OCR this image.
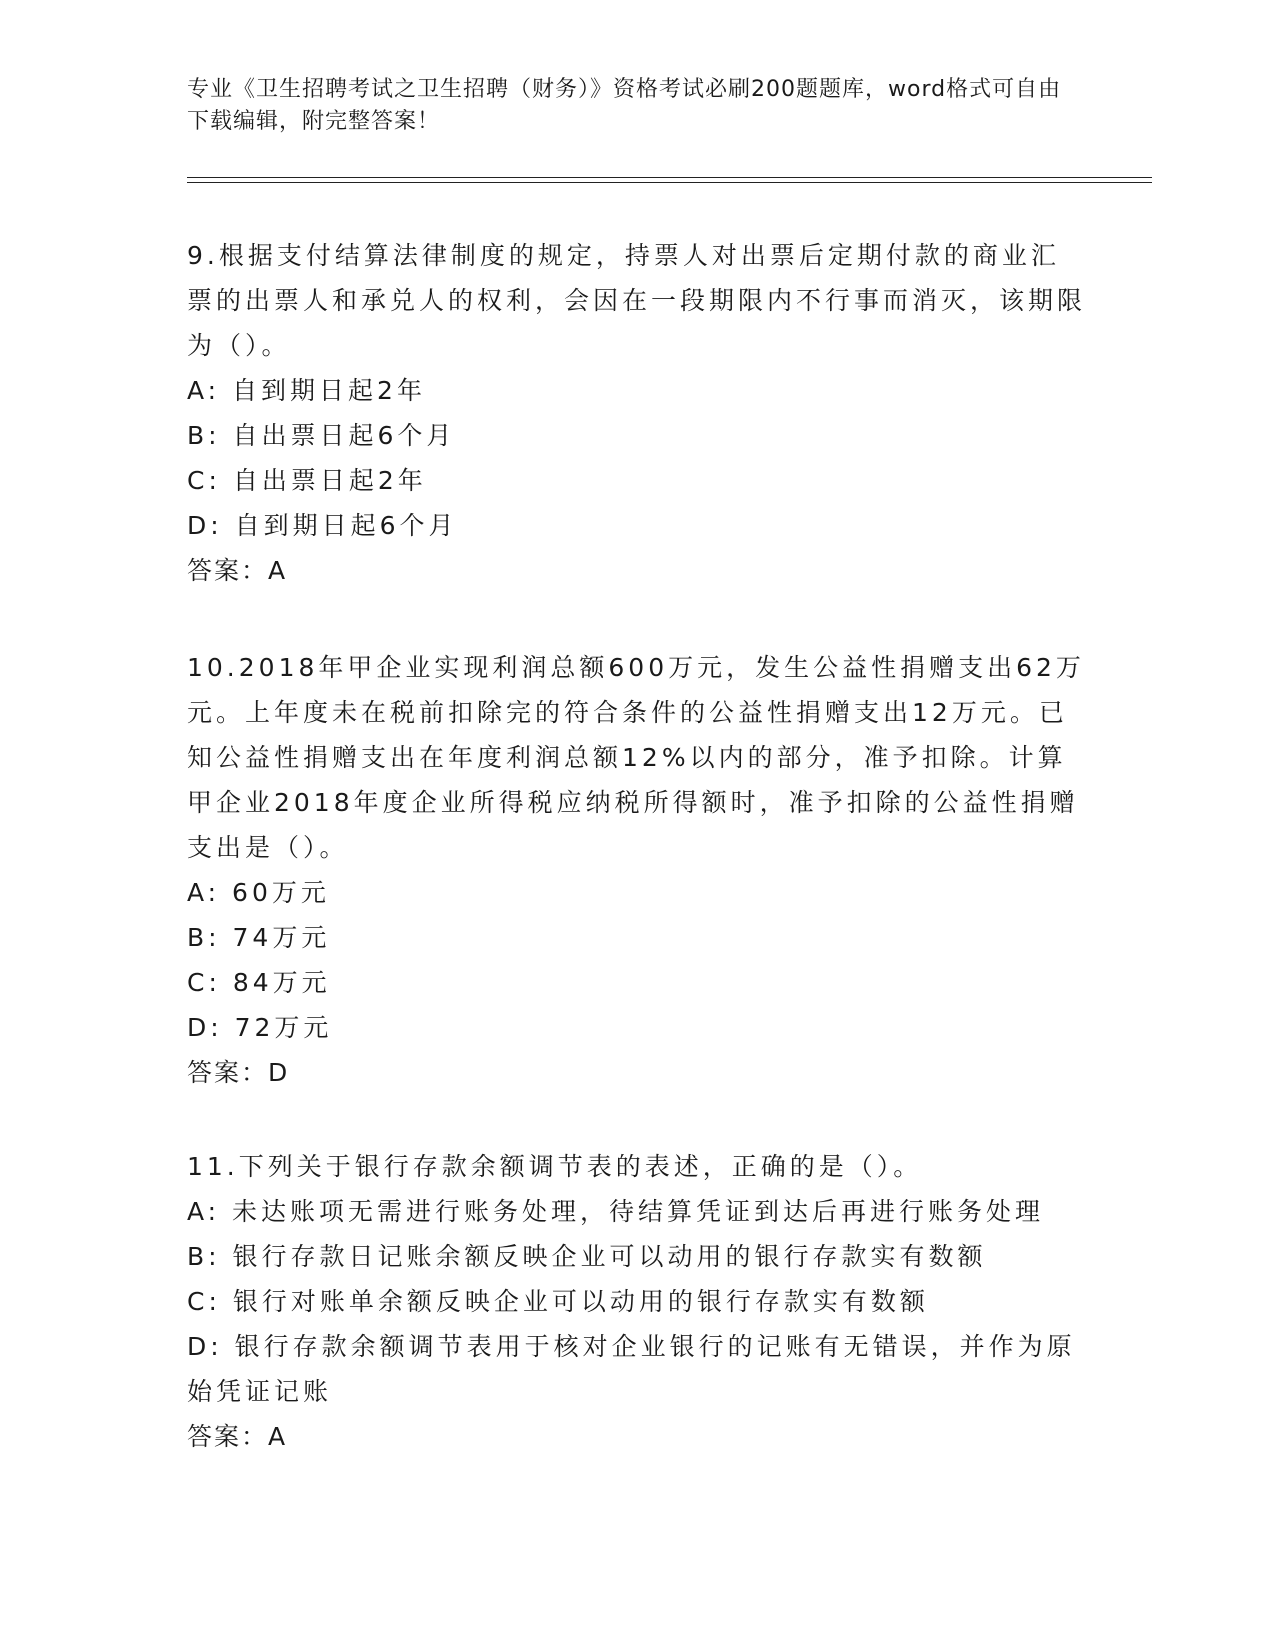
专业《卫生招聘考试之卫生招聘（财务）》资格考试必刷200题题库，word格式可自由下载编辑，附完整答案！

9.根据支付结算法律制度的规定，持票人对出票后定期付款的商业汇票的出票人和承兑人的权利，会因在一段期限内不行事而消灭，该期限为（）。

A: 自到期日起2年

B: 自出票日起6个月

C: 自出票日起2年

D: 自到期日起6个月

答案：A

10.2018年甲企业实现利润总额600万元，发生公益性捐赠支出62万元。上年度未在税前扣除完的符合条件的公益性捐赠支出12万元。已知公益性捐赠支出在年度利润总额12%以内的部分，准予扣除。计算甲企业2018年度企业所得税应纳税所得额时，准予扣除的公益性捐赠支出是（）。

A: 60万元

B: 74万元

C: 84万元

D: 72万元

答案：D

11.下列关于银行存款余额调节表的表述，正确的是（）。

A: 未达账项无需进行账务处理，待结算凭证到达后再进行账务处理

B: 银行存款日记账余额反映企业可以动用的银行存款实有数额

C: 银行对账单余额反映企业可以动用的银行存款实有数额

D: 银行存款余额调节表用于核对企业银行的记账有无错误，并作为原始凭证记账

答案：A
